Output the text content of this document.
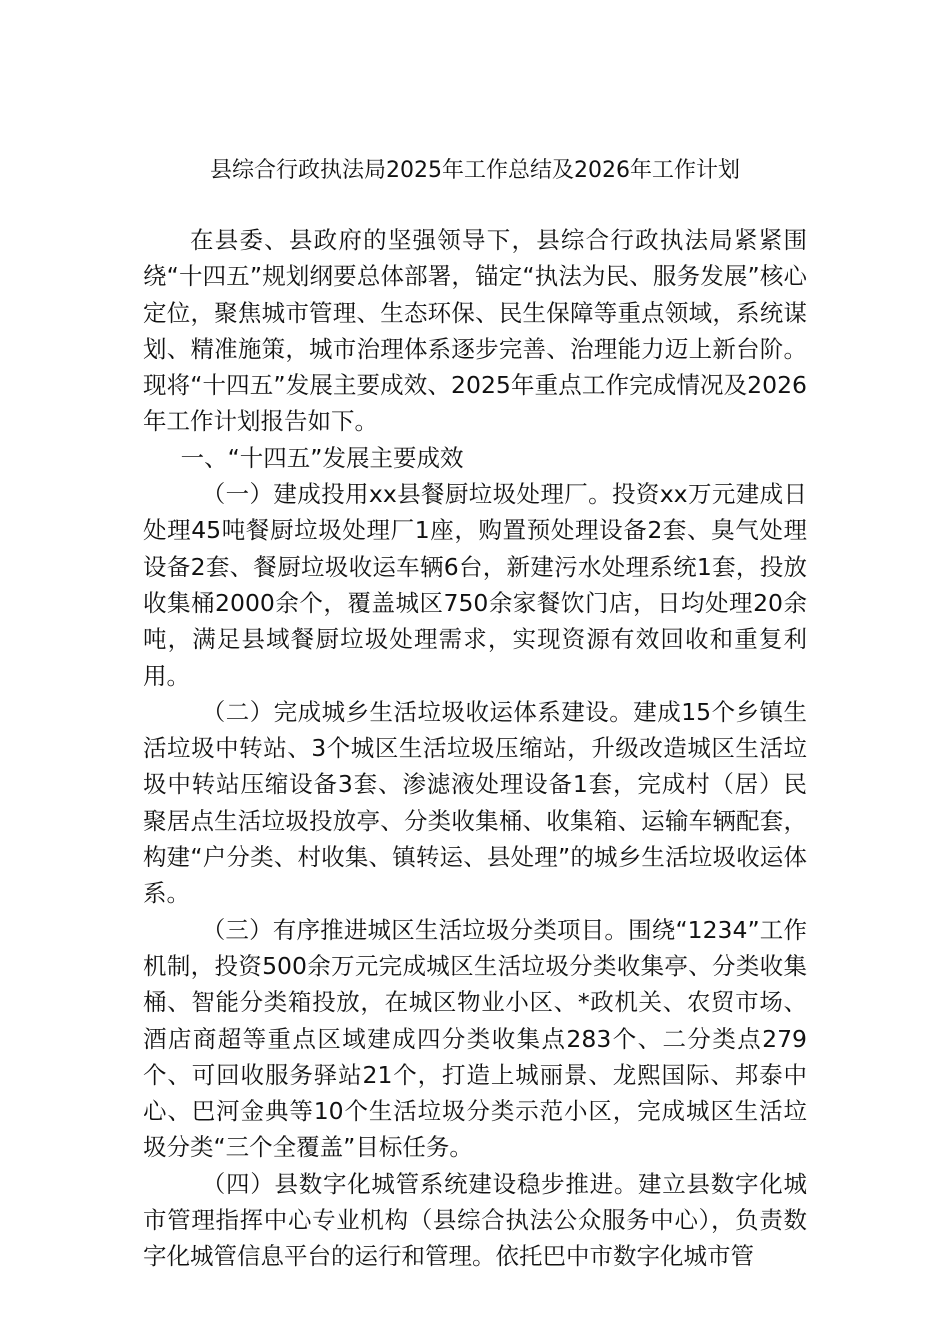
县综合行政执法局2025年工作总结及2026年工作计划

在县委、县政府的坚强领导下，县综合行政执法局紧紧围绕“十四五”规划纲要总体部署，锚定“执法为民、服务发展”核心定位，聚焦城市管理、生态环保、民生保障等重点领域，系统谋划、精准施策，城市治理体系逐步完善、治理能力迈上新台阶。现将“十四五”发展主要成效、2025年重点工作完成情况及2026年工作计划报告如下。

一、“十四五”发展主要成效

（一）建成投用xx县餐厨垃圾处理厂。投资xx万元建成日处理45吨餐厨垃圾处理厂1座，购置预处理设备2套、臭气处理设备2套、餐厨垃圾收运车辆6台，新建污水处理系统1套，投放收集桶2000余个，覆盖城区750余家餐饮门店，日均处理20余吨，满足县域餐厨垃圾处理需求，实现资源有效回收和重复利用。

（二）完成城乡生活垃圾收运体系建设。建成15个乡镇生活垃圾中转站、3个城区生活垃圾压缩站，升级改造城区生活垃圾中转站压缩设备3套、渗滤液处理设备1套，完成村（居）民聚居点生活垃圾投放亭、分类收集桶、收集箱、运输车辆配套，构建“户分类、村收集、镇转运、县处理”的城乡生活垃圾收运体系。

（三）有序推进城区生活垃圾分类项目。围绕“1234”工作机制，投资500余万元完成城区生活垃圾分类收集亭、分类收集桶、智能分类箱投放，在城区物业小区、*政机关、农贸市场、酒店商超等重点区域建成四分类收集点283个、二分类点279个、可回收服务驿站21个，打造上城丽景、龙熙国际、邦泰中心、巴河金典等10个生活垃圾分类示范小区，完成城区生活垃圾分类“三个全覆盖”目标任务。

（四）县数字化城管系统建设稳步推进。建立县数字化城市管理指挥中心专业机构（县综合执法公众服务中心），负责数字化城管信息平台的运行和管理。依托巴中市数字化城市管
